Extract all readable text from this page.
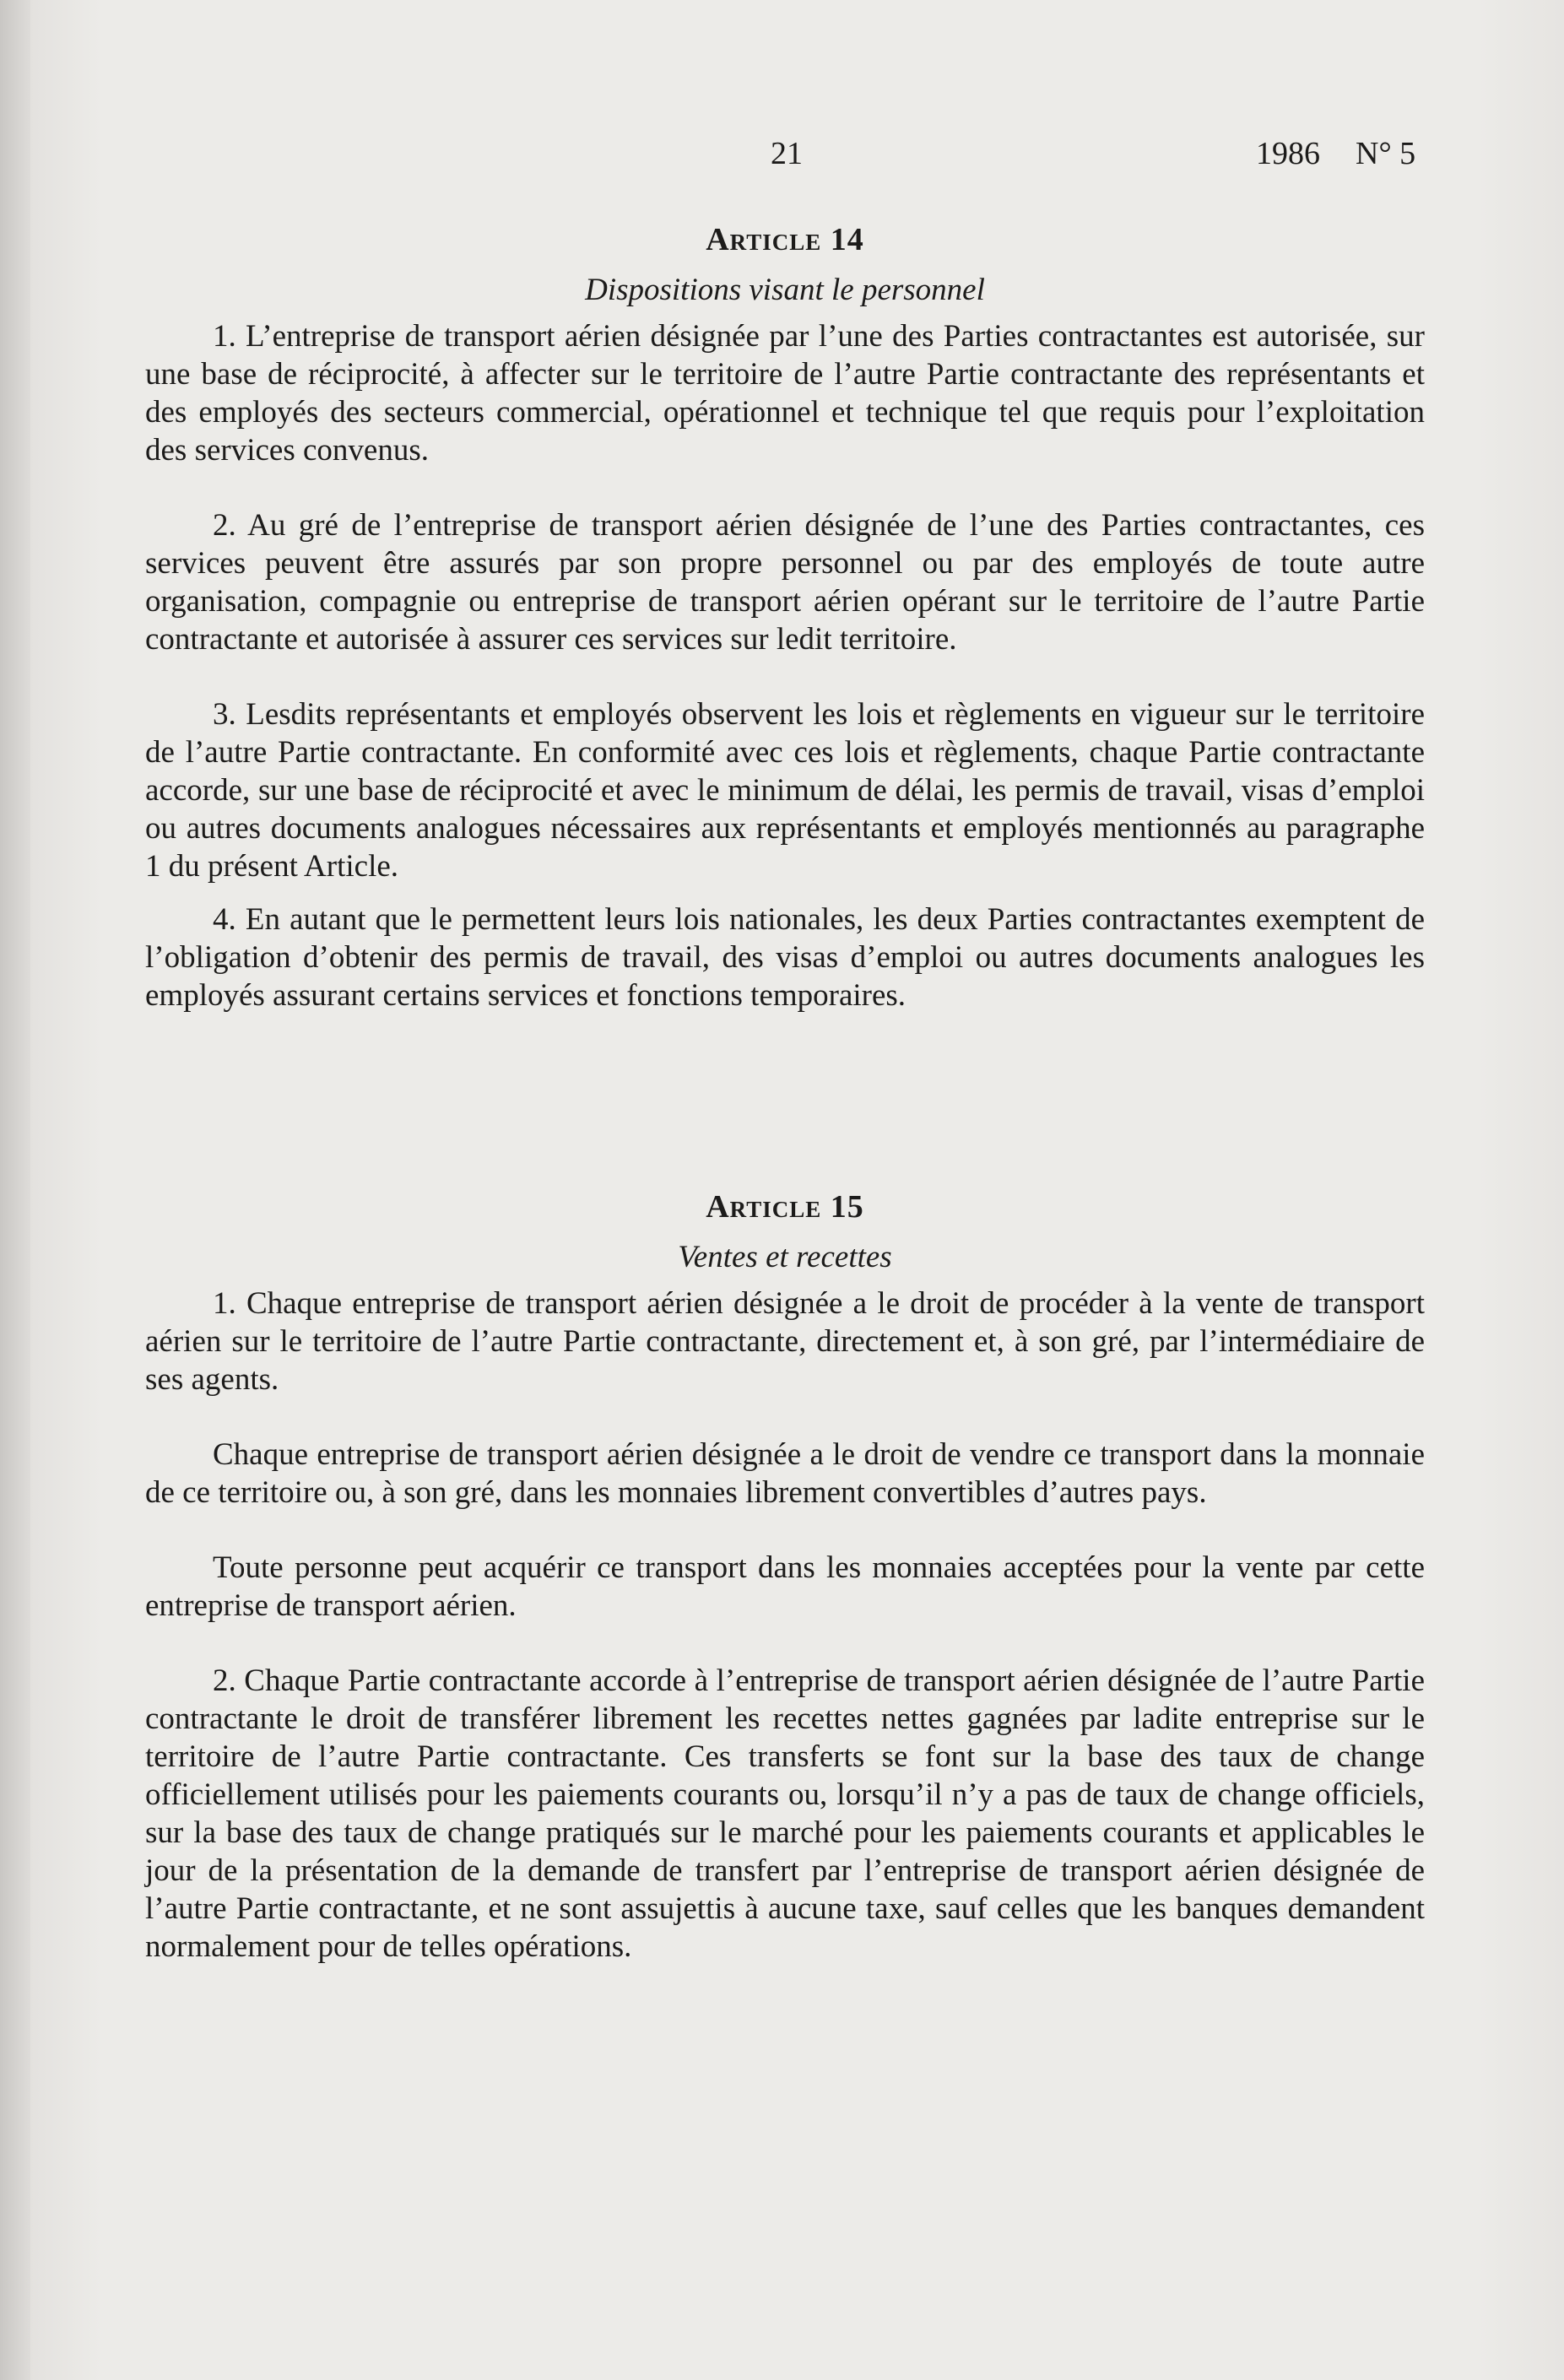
21	1986 N° 5
Article 14
Dispositions visant le personnel

1. L’entreprise de transport aérien désignée par l’une des Parties contractantes est autorisée, sur une base de réciprocité, à affecter sur le territoire de l’autre Partie contractante des représentants et des employés des secteurs commercial, opérationnel et technique tel que requis pour l’exploitation des services convenus.

2. Au gré de l’entreprise de transport aérien désignée de l’une des Parties contractantes, ces services peuvent être assurés par son propre personnel ou par des employés de toute autre organisation, compagnie ou entreprise de transport aérien opérant sur le territoire de l’autre Partie contractante et autorisée à assurer ces services sur ledit territoire.

3. Lesdits représentants et employés observent les lois et règlements en vigueur sur le territoire de l’autre Partie contractante. En conformité avec ces lois et règlements, chaque Partie contractante accorde, sur une base de réciprocité et avec le minimum de délai, les permis de travail, visas d’emploi ou autres documents analogues nécessaires aux représentants et employés mentionnés au paragraphe 1 du présent Article.

4. En autant que le permettent leurs lois nationales, les deux Parties contractantes exemptent de l’obligation d’obtenir des permis de travail, des visas d’emploi ou autres documents analogues les employés assurant certains services et fonctions temporaires.

Article 15
Ventes et recettes

1. Chaque entreprise de transport aérien désignée a le droit de procéder à la vente de transport aérien sur le territoire de l’autre Partie contractante, directement et, à son gré, par l’intermédiaire de ses agents.

Chaque entreprise de transport aérien désignée a le droit de vendre ce transport dans la monnaie de ce territoire ou, à son gré, dans les monnaies librement convertibles d’autres pays.

Toute personne peut acquérir ce transport dans les monnaies acceptées pour la vente par cette entreprise de transport aérien.

2. Chaque Partie contractante accorde à l’entreprise de transport aérien désignée de l’autre Partie contractante le droit de transférer librement les recettes nettes gagnées par ladite entreprise sur le territoire de l’autre Partie contractante. Ces transferts se font sur la base des taux de change officiellement utilisés pour les paiements courants ou, lorsqu’il n’y a pas de taux de change officiels, sur la base des taux de change pratiqués sur le marché pour les paiements courants et applicables le jour de la présentation de la demande de transfert par l’entreprise de transport aérien désignée de l’autre Partie contractante, et ne sont assujettis à aucune taxe, sauf celles que les banques demandent normalement pour de telles opérations.
